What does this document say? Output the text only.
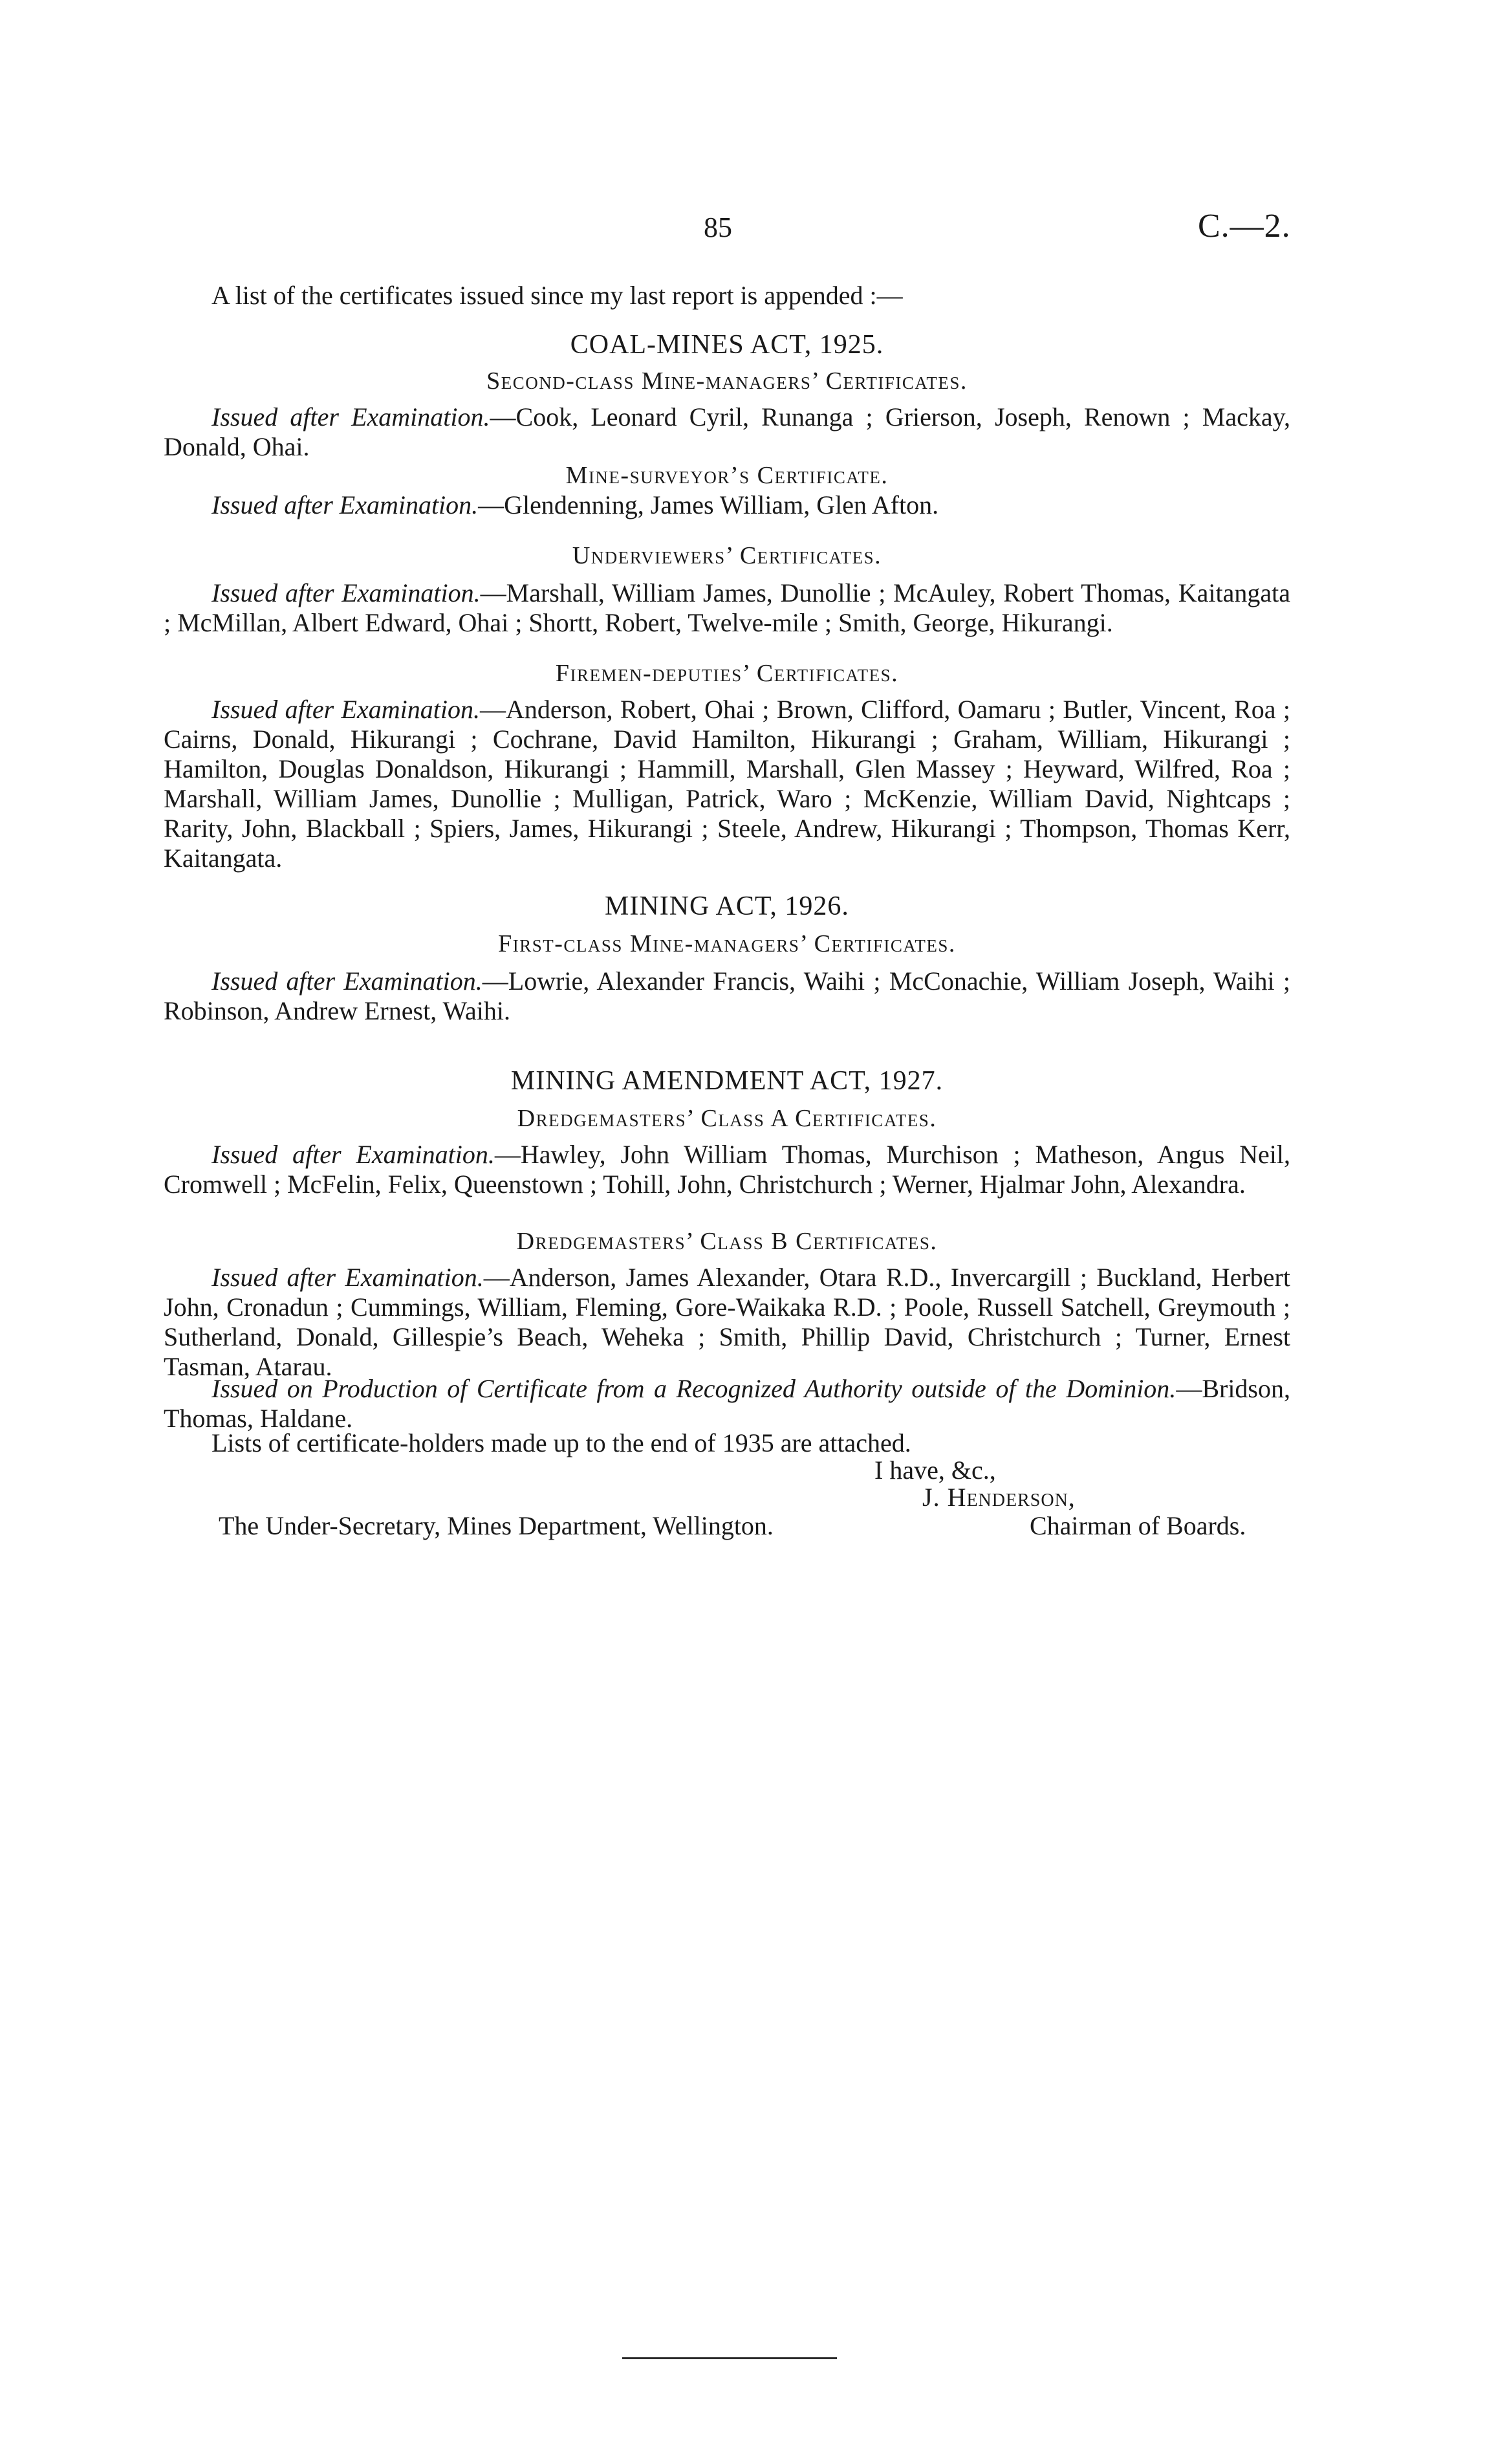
85	C.—2.

A list of the certificates issued since my last report is appended :—

COAL-MINES ACT, 1925.

Second-class Mine-managers’ Certificates.

Issued after Examination.—Cook, Leonard Cyril, Runanga ; Grierson, Joseph, Renown ; Mackay, Donald, Ohai.

Mine-surveyor’s Certificate.

Issued after Examination.—Glendenning, James William, Glen Afton.

Underviewers’ Certificates.

Issued after Examination.—Marshall, William James, Dunollie ; McAuley, Robert Thomas, Kaitangata ; McMillan, Albert Edward, Ohai ; Shortt, Robert, Twelve-mile ; Smith, George, Hikurangi.

Firemen-deputies’ Certificates.

Issued after Examination.—Anderson, Robert, Ohai ; Brown, Clifford, Oamaru ; Butler, Vincent, Roa ; Cairns, Donald, Hikurangi ; Cochrane, David Hamilton, Hikurangi ; Graham, William, Hikurangi ; Hamilton, Douglas Donaldson, Hikurangi ; Hammill, Marshall, Glen Massey ; Heyward, Wilfred, Roa ; Marshall, William James, Dunollie ; Mulligan, Patrick, Waro ; McKenzie, William David, Nightcaps ; Rarity, John, Blackball ; Spiers, James, Hikurangi ; Steele, Andrew, Hikurangi ; Thompson, Thomas Kerr, Kaitangata.

MINING ACT, 1926.

First-class Mine-managers’ Certificates.

Issued after Examination.—Lowrie, Alexander Francis, Waihi ; McConachie, William Joseph, Waihi ; Robinson, Andrew Ernest, Waihi.

MINING AMENDMENT ACT, 1927.

Dredgemasters’ Class A Certificates.

Issued after Examination.—Hawley, John William Thomas, Murchison ; Matheson, Angus Neil, Cromwell ; McFelin, Felix, Queenstown ; Tohill, John, Christchurch ; Werner, Hjalmar John, Alexandra.

Dredgemasters’ Class B Certificates.

Issued after Examination.—Anderson, James Alexander, Otara R.D., Invercargill ; Buckland, Herbert John, Cronadun ; Cummings, William, Fleming, Gore-Waikaka R.D. ; Poole, Russell Satchell, Greymouth ; Sutherland, Donald, Gillespie’s Beach, Weheka ; Smith, Phillip David, Christchurch ; Turner, Ernest Tasman, Atarau.

Issued on Production of Certificate from a Recognized Authority outside of the Dominion.—Bridson, Thomas, Haldane.

Lists of certificate-holders made up to the end of 1935 are attached.

I have, &c.,
J. Henderson,
The Under-Secretary, Mines Department, Wellington.	Chairman of Boards.
